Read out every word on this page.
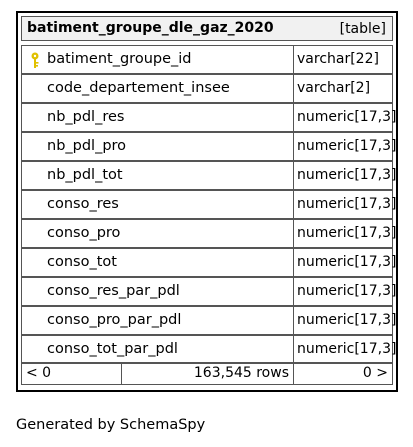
batiment_groupe_dle_gaz_2020	[table]
batiment_groupe_id	varchar[22]
code_departement_insee	varchar[2]
nb_pdl_res	numeric[17,3]
nb_pdl_pro	numeric[17,3]
nb_pdl_tot	numeric[17,3]
conso_res	numeric[17,3]
conso_pro	numeric[17,3]
conso_tot	numeric[17,3]
conso_res_par_pdl	numeric[17,3]
conso_pro_par_pdl	numeric[17,3]
conso_tot_par_pdl	numeric[17,3]
< 0	163,545 rows	0 >
Generated by SchemaSpy
